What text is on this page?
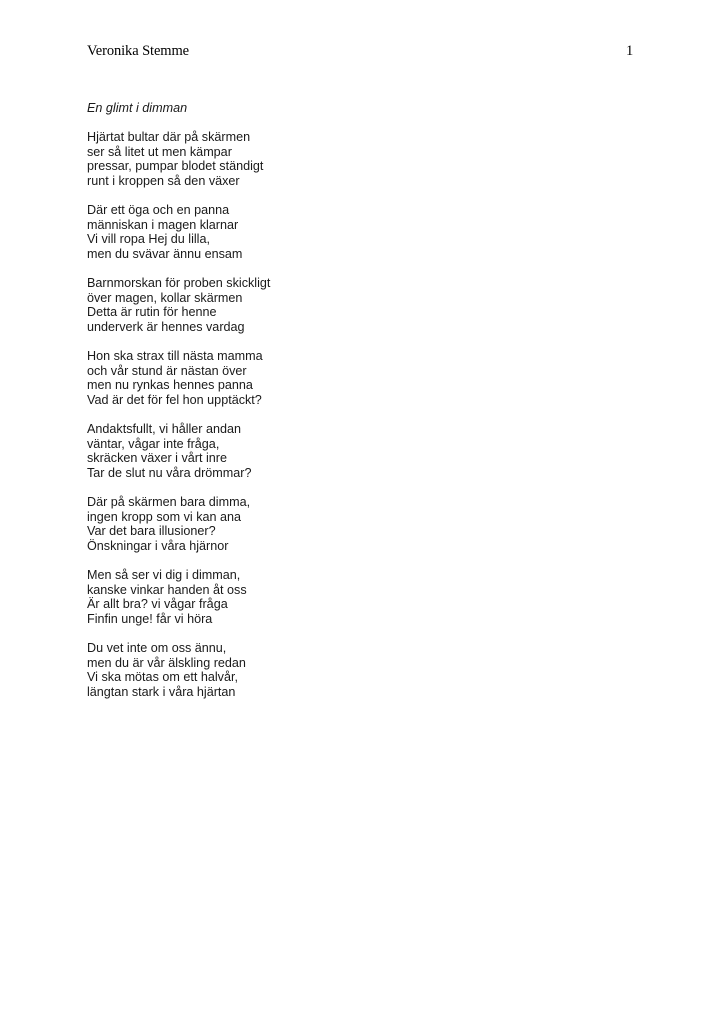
Veronika Stemme	1
En glimt i dimman
Hjärtat bultar där på skärmen
ser så litet ut men kämpar
pressar, pumpar blodet ständigt
runt i kroppen så den växer
Där ett öga och en panna
människan i magen klarnar
Vi vill ropa Hej du lilla,
men du svävar ännu ensam
Barnmorskan för proben skickligt
över magen, kollar skärmen
Detta är rutin för henne
underverk är hennes vardag
Hon ska strax till nästa mamma
och vår stund är nästan över
men nu rynkas hennes panna
Vad är det för fel hon upptäckt?
Andaktsfullt, vi håller andan
väntar, vågar inte fråga,
skräcken växer i vårt inre
Tar de slut nu våra drömmar?
Där på skärmen bara dimma,
ingen kropp som vi kan ana
Var det bara illusioner?
Önskningar i våra hjärnor
Men så ser vi dig i dimman,
kanske vinkar handen åt oss
Är allt bra? vi vågar fråga
Finfin unge! får vi höra
Du vet inte om oss ännu,
men du är vår älskling redan
Vi ska mötas om ett halvår,
längtan stark i våra hjärtan
